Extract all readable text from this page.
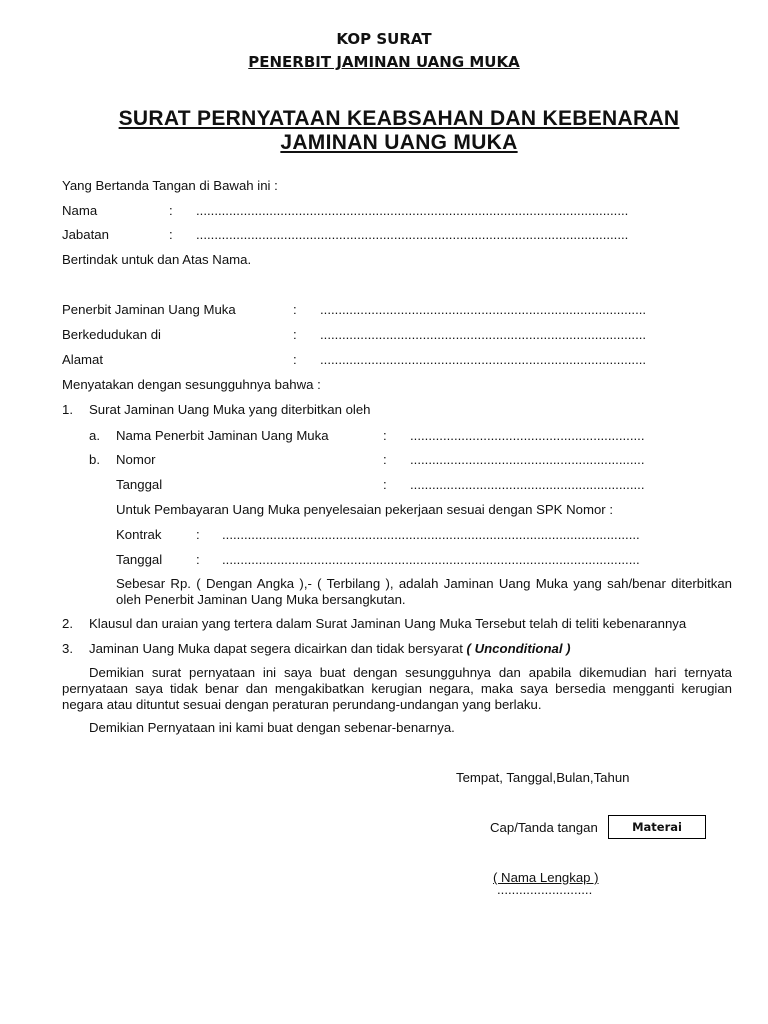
KOP SURAT
PENERBIT JAMINAN UANG MUKA
SURAT PERNYATAAN KEABSAHAN DAN KEBENARAN
JAMINAN UANG MUKA
Yang Bertanda Tangan di Bawah ini :
Nama	: ......................................................................................................................
Jabatan	: ......................................................................................................................
Bertindak untuk dan Atas Nama.
Penerbit Jaminan Uang Muka	: .........................................................................................
Berkedudukan di	: .........................................................................................
Alamat	: .........................................................................................
Menyatakan dengan sesungguhnya bahwa :
1. Surat Jaminan Uang Muka yang diterbitkan oleh
a. Nama Penerbit Jaminan Uang Muka	: ................................................................
b. Nomor	: ................................................................
Tanggal	: ................................................................
Untuk Pembayaran Uang Muka penyelesaian pekerjaan sesuai dengan SPK Nomor :
Kontrak	: ..................................................................................................................
Tanggal	: ..................................................................................................................
Sebesar Rp. ( Dengan Angka ),- ( Terbilang ), adalah Jaminan Uang Muka yang sah/benar diterbitkan oleh Penerbit Jaminan Uang Muka bersangkutan.
2. Klausul dan uraian yang tertera dalam Surat Jaminan Uang Muka Tersebut telah di teliti kebenarannya
3. Jaminan Uang Muka dapat segera dicairkan dan tidak bersyarat ( Unconditional )
Demikian surat pernyataan ini saya buat dengan sesungguhnya dan apabila dikemudian hari ternyata pernyataan saya tidak benar dan mengakibatkan kerugian negara, maka saya bersedia mengganti kerugian negara atau dituntut sesuai dengan peraturan perundang-undangan yang berlaku.
Demikian Pernyataan ini kami buat dengan sebenar-benarnya.
Tempat, Tanggal,Bulan,Tahun
Cap/Tanda tangan	Materai
( Nama Lengkap )
..........................
